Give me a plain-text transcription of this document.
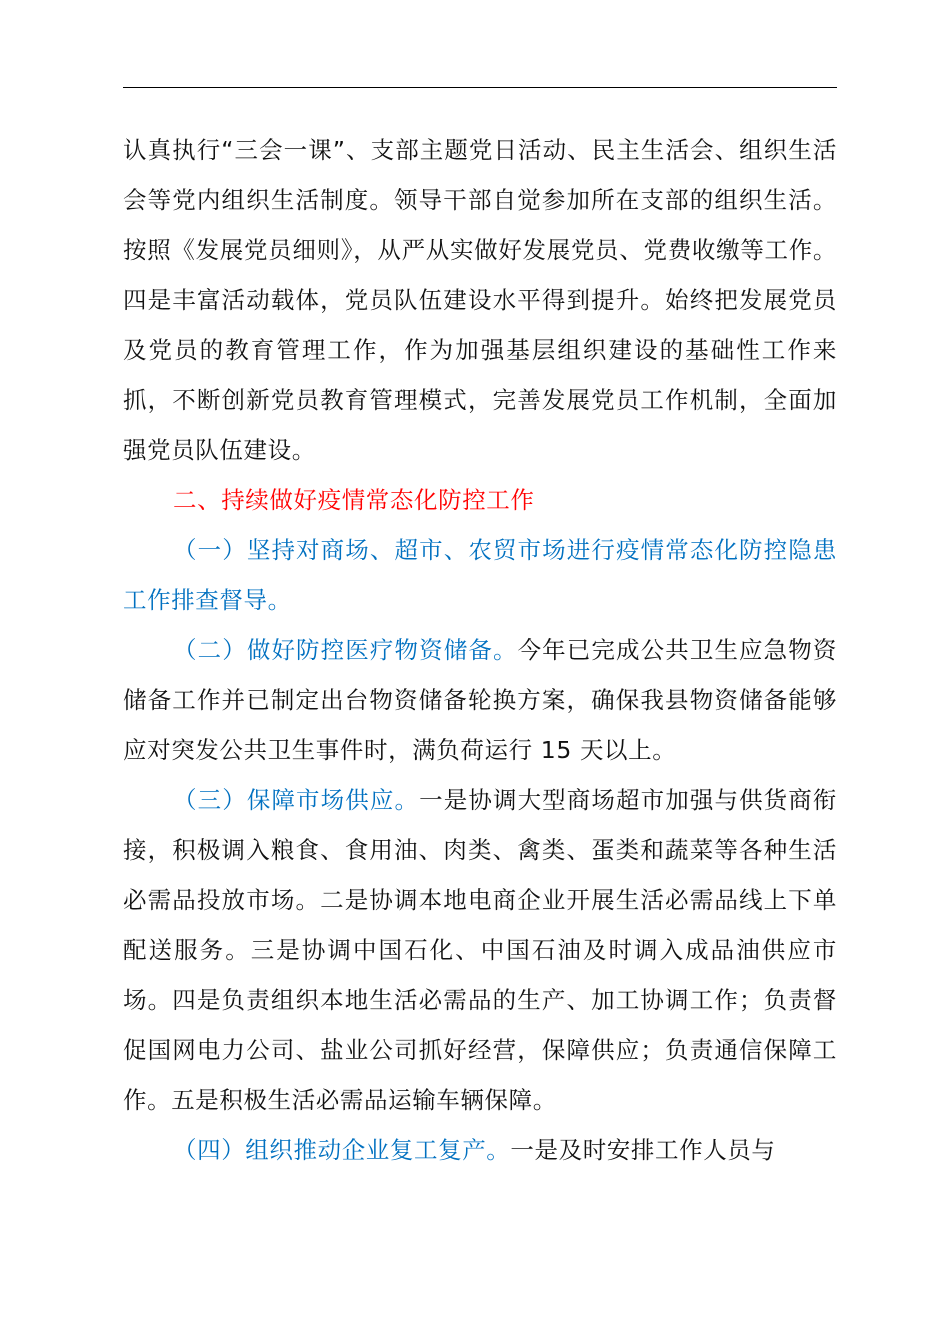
认真执行“三会一课”、支部主题党日活动、民主生活会、组织生活会等党内组织生活制度。领导干部自觉参加所在支部的组织生活。按照《发展党员细则》，从严从实做好发展党员、党费收缴等工作。四是丰富活动载体，党员队伍建设水平得到提升。始终把发展党员及党员的教育管理工作，作为加强基层组织建设的基础性工作来抓，不断创新党员教育管理模式，完善发展党员工作机制，全面加强党员队伍建设。

二、持续做好疫情常态化防控工作

（一）坚持对商场、超市、农贸市场进行疫情常态化防控隐患工作排查督导。

（二）做好防控医疗物资储备。今年已完成公共卫生应急物资储备工作并已制定出台物资储备轮换方案，确保我县物资储备能够应对突发公共卫生事件时，满负荷运行 15 天以上。

（三）保障市场供应。一是协调大型商场超市加强与供货商衔接，积极调入粮食、食用油、肉类、禽类、蛋类和蔬菜等各种生活必需品投放市场。二是协调本地电商企业开展生活必需品线上下单配送服务。三是协调中国石化、中国石油及时调入成品油供应市场。四是负责组织本地生活必需品的生产、加工协调工作；负责督促国网电力公司、盐业公司抓好经营，保障供应；负责通信保障工作。五是积极生活必需品运输车辆保障。

（四）组织推动企业复工复产。一是及时安排工作人员与
